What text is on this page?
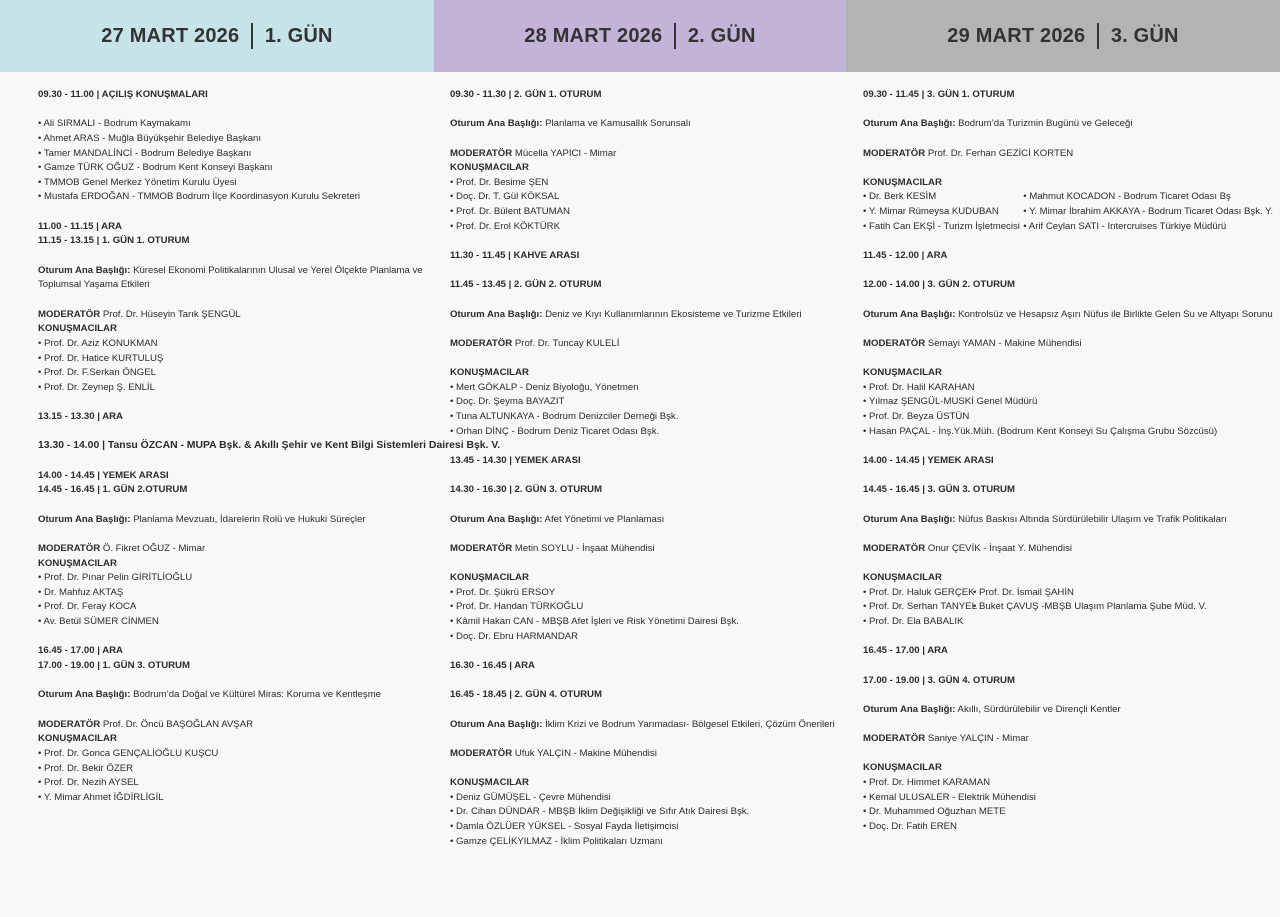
27 MART 2026 1. GÜN	28 MART 2026 2. GÜN	29 MART 2026 3. GÜN
09.30 - 11.00 | AÇILIŞ KONUŞMALARI
• Ali SIRMALI - Bodrum Kaymakamı
• Ahmet ARAS - Muğla Büyükşehir Belediye Başkanı
• Tamer MANDALİNCİ - Bodrum Belediye Başkanı
• Gamze TÜRK OĞUZ - Bodrum Kent Konseyi Başkanı
• TMMOB Genel Merkez Yönetim Kurulu Üyesi
• Mustafa ERDOĞAN - TMMOB Bodrum İlçe Koordinasyon Kurulu Sekreteri
11.00 - 11.15 | ARA
11.15 - 13.15 | 1. GÜN 1. OTURUM
Oturum Ana Başlığı: Küresel Ekonomi Politikalarının Ulusal ve Yerel Ölçekte Planlama ve Toplumsal Yaşama Etkileri
MODERATÖR Prof. Dr. Hüseyin Tarık ŞENGÜL
KONUŞMACILAR
• Prof. Dr. Aziz KONUKMAN
• Prof. Dr. Hatice KURTULUŞ
• Prof. Dr. F.Serkan ÖNGEL
• Prof. Dr. Zeynep Ş. ENLİL
13.15 - 13.30 | ARA
13.30 - 14.00 | Tansu ÖZCAN - MUPA Bşk. & Akıllı Şehir ve Kent Bilgi Sistemleri Dairesi Bşk. V.
14.00 - 14.45 | YEMEK ARASI
14.45 - 16.45 | 1. GÜN 2.OTURUM
Oturum Ana Başlığı: Planlama Mevzuatı, İdarelerin Rolü ve Hukuki Süreçler
MODERATÖR Ö. Fikret OĞUZ - Mimar
KONUŞMACILAR
• Prof. Dr. Pınar Pelin GİRİTLİOĞLU
• Dr. Mahfuz AKTAŞ
• Prof. Dr. Feray KOCA
• Av. Betül SÜMER CİNMEN
16.45 - 17.00 | ARA
17.00 - 19.00 | 1. GÜN 3. OTURUM
Oturum Ana Başlığı: Bodrum’da Doğal ve Kültürel Miras: Koruma ve Kentleşme
MODERATÖR Prof. Dr. Öncü BAŞOĞLAN AVŞAR
KONUŞMACILAR
• Prof. Dr. Gonca GENÇALİOĞLU KUŞCU
• Prof. Dr. Bekir ÖZER
• Prof. Dr. Nezih AYSEL
• Y. Mimar Ahmet İĞDİRLİGİL
09.30 - 11.30 | 2. GÜN 1. OTURUM
Oturum Ana Başlığı: Planlama ve Kamusallık Sorunsalı
MODERATÖR Mücella YAPICI - Mimar
KONUŞMACILAR
• Prof. Dr. Besime ŞEN
• Doç. Dr. T. Gül KÖKSAL
• Prof. Dr. Bülent BATUMAN
• Prof. Dr. Erol KÖKTÜRK
11.30 - 11.45 | KAHVE ARASI
11.45 - 13.45 | 2. GÜN 2. OTURUM
Oturum Ana Başlığı: Deniz ve Kıyı Kullanımlarının Ekosisteme ve Turizme Etkileri
MODERATÖR Prof. Dr. Tuncay KULELİ
KONUŞMACILAR
• Mert GÖKALP - Deniz Biyoloğu, Yönetmen
• Doç. Dr. Şeyma BAYAZIT
• Tuna ALTUNKAYA - Bodrum Denizciler Derneği Bşk.
• Orhan DİNÇ - Bodrum Deniz Ticaret Odası Bşk.
13.45 - 14.30 | YEMEK ARASI
14.30 - 16.30 | 2. GÜN 3. OTURUM
Oturum Ana Başlığı: Afet Yönetimi ve Planlaması
MODERATÖR Metin SOYLU - İnşaat Mühendisi
KONUŞMACILAR
• Prof. Dr. Şükrü ERSOY
• Prof. Dr. Handan TÜRKOĞLU
• Kâmil Hakan CAN - MBŞB Afet İşleri ve Risk Yönetimi Dairesi Bşk.
• Doç. Dr. Ebru HARMANDAR
16.30 - 16.45 | ARA
16.45 - 18.45 | 2. GÜN 4. OTURUM
Oturum Ana Başlığı: İklim Krizi ve Bodrum Yarımadası- Bölgesel Etkileri, Çözüm Önerileri
MODERATÖR Ufuk YALÇIN - Makine Mühendisi
KONUŞMACILAR
• Deniz GÜMÜŞEL - Çevre Mühendisi
• Dr. Cihan DÜNDAR - MBŞB İklim Değişikliği ve Sıfır Atık Dairesi Bşk.
• Damla ÖZLÜER YÜKSEL - Sosyal Fayda İletişimcisi
• Gamze ÇELİKYILMAZ - İklim Politikaları Uzmanı
09.30 - 11.45 | 3. GÜN 1. OTURUM
Oturum Ana Başlığı: Bodrum’da Turizmin Bugünü ve Geleceği
MODERATÖR Prof. Dr. Ferhan GEZİCİ KORTEN
KONUŞMACILAR
• Dr. Berk KESİM
• Y. Mimar Rümeysa KUDUBAN
• Fatih Can EKŞİ - Turizm İşletmecisi
• Mahmut KOCADON - Bodrum Ticaret Odası Bş
• Y. Mimar İbrahim AKKAYA - Bodrum Ticaret Odası Bşk. Y.
• Arif Ceylan SATI - Intercruises Türkiye Müdürü
11.45 - 12.00 | ARA
12.00 - 14.00 | 3. GÜN 2. OTURUM
Oturum Ana Başlığı: Kontrolsüz ve Hesapsız Aşırı Nüfus ile Birlikte Gelen Su ve Altyapı Sorunu
MODERATÖR Semayi YAMAN - Makine Mühendisi
KONUŞMACILAR
• Prof. Dr. Halil KARAHAN
• Yılmaz ŞENGÜL-MUSKİ Genel Müdürü
• Prof. Dr. Beyza ÜSTÜN
• Hasan PAÇAL - İnş.Yük.Müh. (Bodrum Kent Konseyi Su Çalışma Grubu Sözcüsü)
14.00 - 14.45 | YEMEK ARASI
14.45 - 16.45 | 3. GÜN 3. OTURUM
Oturum Ana Başlığı: Nüfus Baskısı Altında Sürdürülebilir Ulaşım ve Trafik Politikaları
MODERATÖR Onur ÇEVİK - İnşaat Y. Mühendisi
KONUŞMACILAR
• Prof. Dr. Haluk GERÇEK
• Prof. Dr. Serhan TANYEL
• Prof. Dr. Ela BABALIK
• Prof. Dr. İsmail ŞAHİN
• Buket ÇAVUŞ -MBŞB Ulaşım Planlama Şube Müd. V.
16.45 - 17.00 | ARA
17.00 - 19.00 | 3. GÜN 4. OTURUM
Oturum Ana Başlığı: Akıllı, Sürdürülebilir ve Dirençli Kentler
MODERATÖR Saniye YALÇIN - Mimar
KONUŞMACILAR
• Prof. Dr. Himmet KARAMAN
• Kemal ULUSALER - Elektrik Mühendisi
• Dr. Muhammed Oğuzhan METE
• Doç. Dr. Fatih EREN
